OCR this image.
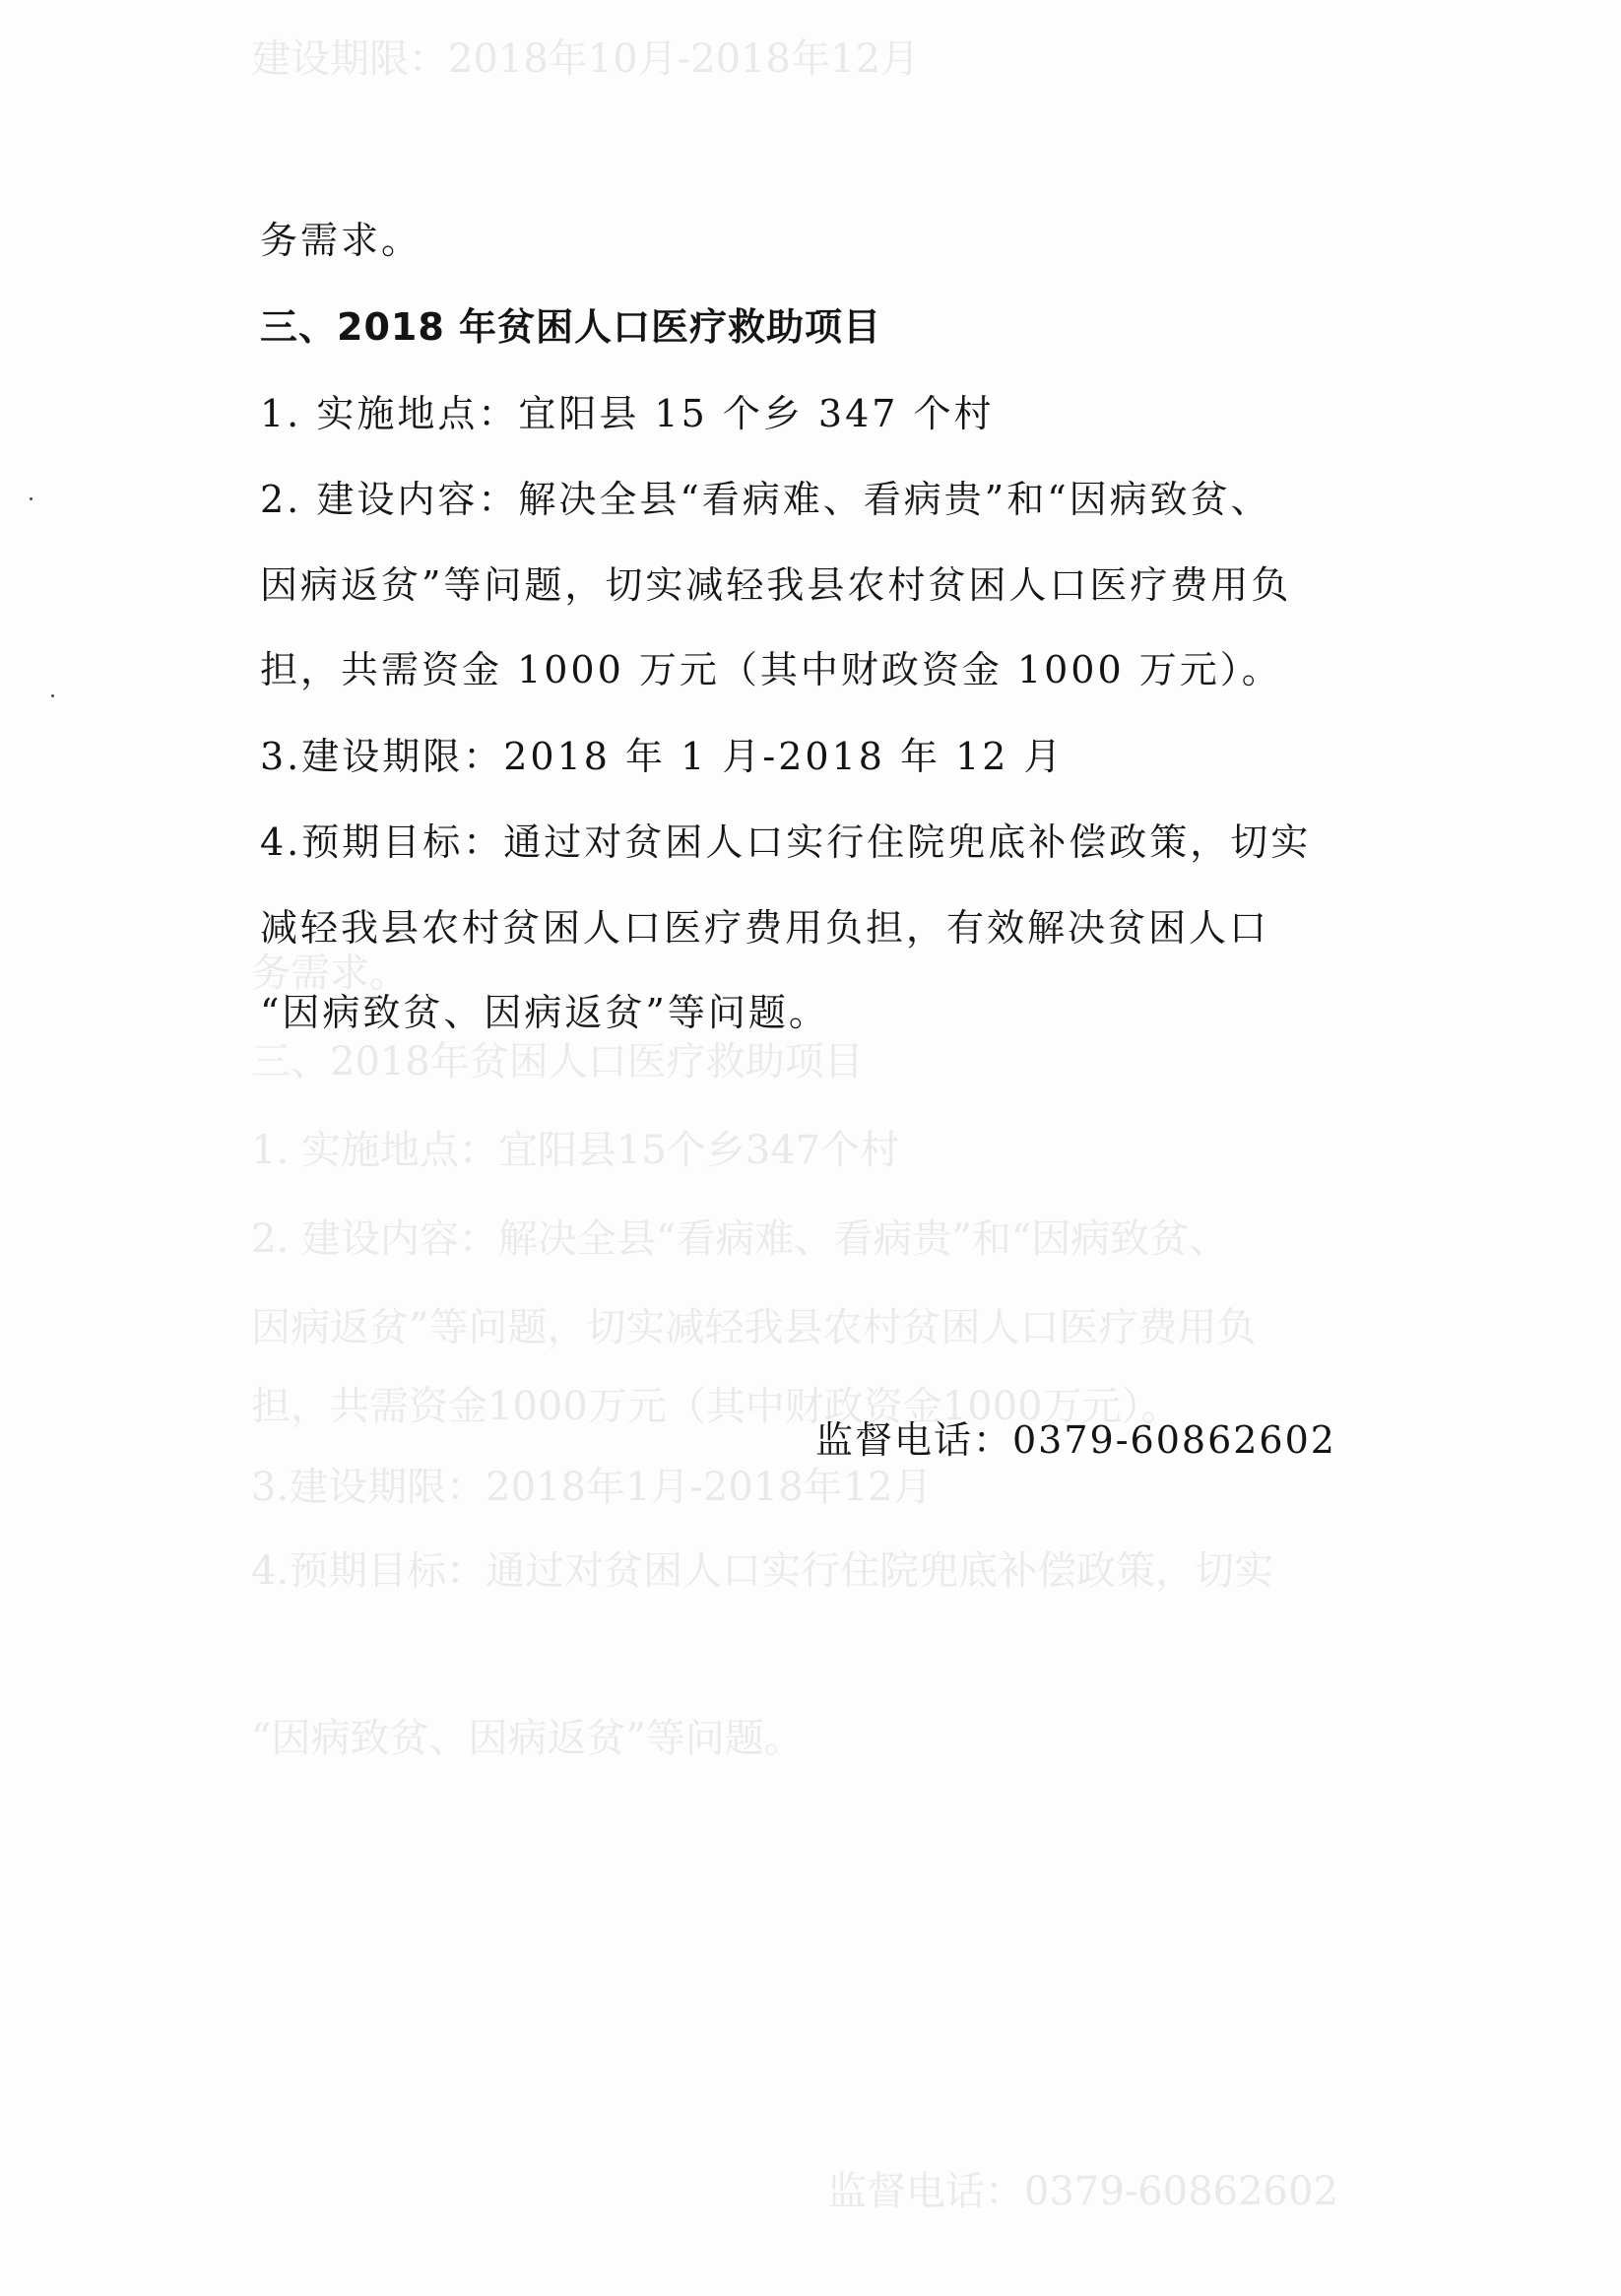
建设期限：2018年10月-2018年12月
务需求。
三、2018年贫困人口医疗救助项目
1. 实施地点：宜阳县15个乡347个村
2. 建设内容：解决全县“看病难、看病贵”和“因病致贫、
因病返贫”等问题，切实减轻我县农村贫困人口医疗费用负
担，共需资金1000万元（其中财政资金1000万元）。
3.建设期限：2018年1月-2018年12月
4.预期目标：通过对贫困人口实行住院兜底补偿政策，切实
“因病致贫、因病返贫”等问题。
监督电话：0379-60862602
务需求。
三、2018 年贫困人口医疗救助项目
1. 实施地点：宜阳县 15 个乡 347 个村
2. 建设内容：解决全县“看病难、看病贵”和“因病致贫、
因病返贫”等问题，切实减轻我县农村贫困人口医疗费用负
担，共需资金 1000 万元（其中财政资金 1000 万元）。
3.建设期限：2018 年 1 月-2018 年 12 月
4.预期目标：通过对贫困人口实行住院兜底补偿政策，切实
减轻我县农村贫困人口医疗费用负担，有效解决贫困人口
“因病致贫、因病返贫”等问题。
监督电话：0379-60862602
